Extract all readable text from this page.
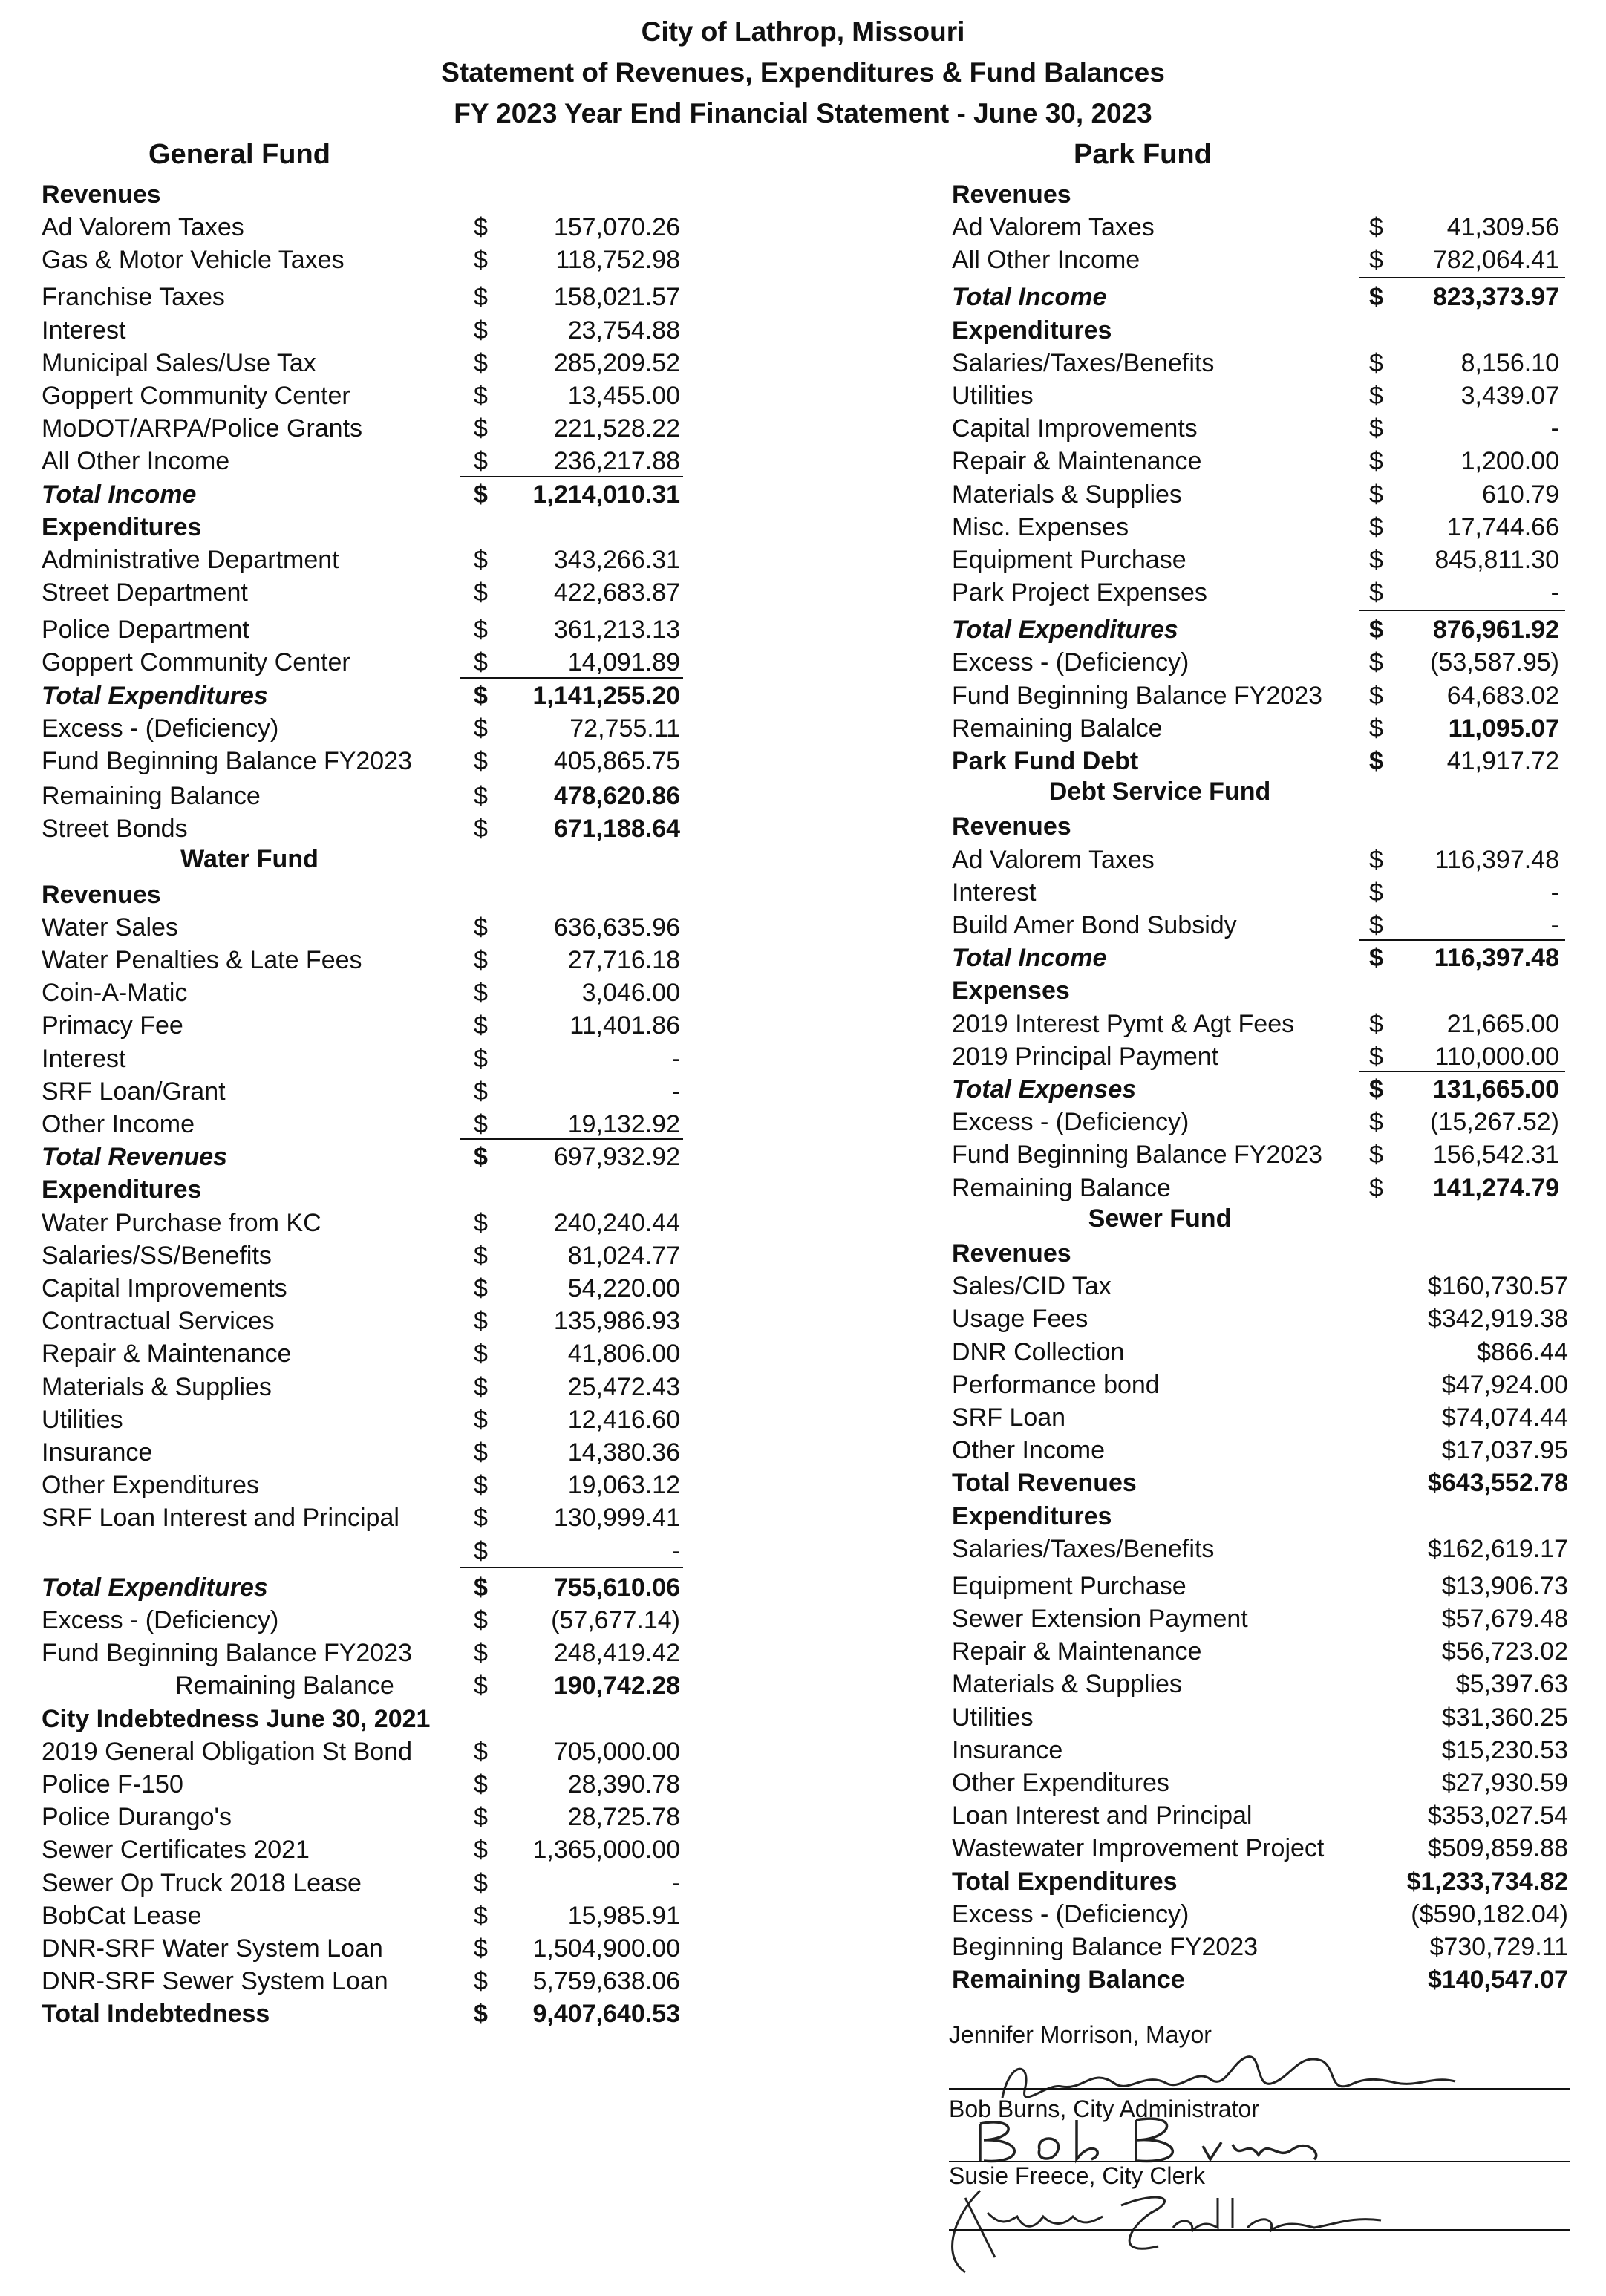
City of Lathrop, Missouri
Statement of Revenues, Expenditures & Fund Balances
FY 2023 Year End Financial Statement - June 30, 2023
General Fund
Revenues
Ad Valorem Taxes	$	157,070.26
Gas & Motor Vehicle Taxes	$	118,752.98
Franchise Taxes	$	158,021.57
Interest	$	23,754.88
Municipal Sales/Use Tax	$	285,209.52
Goppert Community Center	$	13,455.00
MoDOT/ARPA/Police Grants	$	221,528.22
All Other Income	$	236,217.88
Total Income	$	1,214,010.31
Expenditures
Administrative Department	$	343,266.31
Street Department	$	422,683.87
Police Department	$	361,213.13
Goppert Community Center	$	14,091.89
Total Expenditures	$	1,141,255.20
Excess - (Deficiency)	$	72,755.11
Fund Beginning Balance FY2023 $	405,865.75
Remaining Balance	$	478,620.86
Street Bonds	$	671,188.64
Water Fund
Revenues
Water Sales	$	636,635.96
Water Penalties & Late Fees	$	27,716.18
Coin-A-Matic	$	3,046.00
Primacy Fee	$	11,401.86
Interest	$	-
SRF Loan/Grant	$	-
Other Income	$	19,132.92
Total Revenues	$	697,932.92
Expenditures
Water Purchase from KC	$	240,240.44
Salaries/SS/Benefits	$	81,024.77
Capital Improvements	$	54,220.00
Contractual Services	$	135,986.93
Repair & Maintenance	$	41,806.00
Materials & Supplies	$	25,472.43
Utilities	$	12,416.60
Insurance	$	14,380.36
Other Expenditures	$	19,063.12
SRF Loan Interest and Principal	$	130,999.41
$	-
Total Expenditures	$	755,610.06
Excess - (Deficiency)	$	(57,677.14)
Fund Beginning Balance FY2023 $	248,419.42
Remaining Balance	$	190,742.28
City Indebtedness June 30, 2021
2019 General Obligation St Bond $	705,000.00
Police F-150	$	28,390.78
Police Durango's	$	28,725.78
Sewer Certificates 2021	$	1,365,000.00
Sewer Op Truck 2018 Lease	$	-
BobCat Lease	$	15,985.91
DNR-SRF Water System Loan	$	1,504,900.00
DNR-SRF Sewer System Loan	$	5,759,638.06
Total Indebtedness	$	9,407,640.53
Park Fund
Revenues
Ad Valorem Taxes	$	41,309.56
All Other Income	$	782,064.41
Total Income	$	823,373.97
Expenditures
Salaries/Taxes/Benefits	$	8,156.10
Utilities	$	3,439.07
Capital Improvements	$	-
Repair & Maintenance	$	1,200.00
Materials & Supplies	$	610.79
Misc. Expenses	$	17,744.66
Equipment Purchase	$	845,811.30
Park Project Expenses	$	-
Total Expenditures	$	876,961.92
Excess - (Deficiency)	$	(53,587.95)
Fund Beginning Balance FY2023 $	64,683.02
Remaining Balalce	$	11,095.07
Park Fund Debt	$	41,917.72
Debt Service Fund
Revenues
Ad Valorem Taxes	$	116,397.48
Interest	$	-
Build Amer Bond Subsidy	$	-
Total Income	$	116,397.48
Expenses
2019 Interest Pymt & Agt Fees	$	21,665.00
2019 Principal Payment	$	110,000.00
Total Expenses	$	131,665.00
Excess - (Deficiency)	$	(15,267.52)
Fund Beginning Balance FY2023 $	156,542.31
Remaining Balance	$	141,274.79
Sewer Fund
Revenues
Sales/CID Tax	$160,730.57
Usage Fees	$342,919.38
DNR Collection	$866.44
Performance bond	$47,924.00
SRF Loan	$74,074.44
Other Income	$17,037.95
Total Revenues	$643,552.78
Expenditures
Salaries/Taxes/Benefits	$162,619.17
Equipment Purchase	$13,906.73
Sewer Extension Payment	$57,679.48
Repair & Maintenance	$56,723.02
Materials & Supplies	$5,397.63
Utilities	$31,360.25
Insurance	$15,230.53
Other Expenditures	$27,930.59
Loan Interest and Principal	$353,027.54
Wastewater Improvement Project	$509,859.88
Total Expenditures	$1,233,734.82
Excess - (Deficiency)	($590,182.04)
Beginning Balance FY2023	$730,729.11
Remaining Balance	$140,547.07
Jennifer Morrison, Mayor
Bob Burns, City Administrator
Susie Freece, City Clerk
